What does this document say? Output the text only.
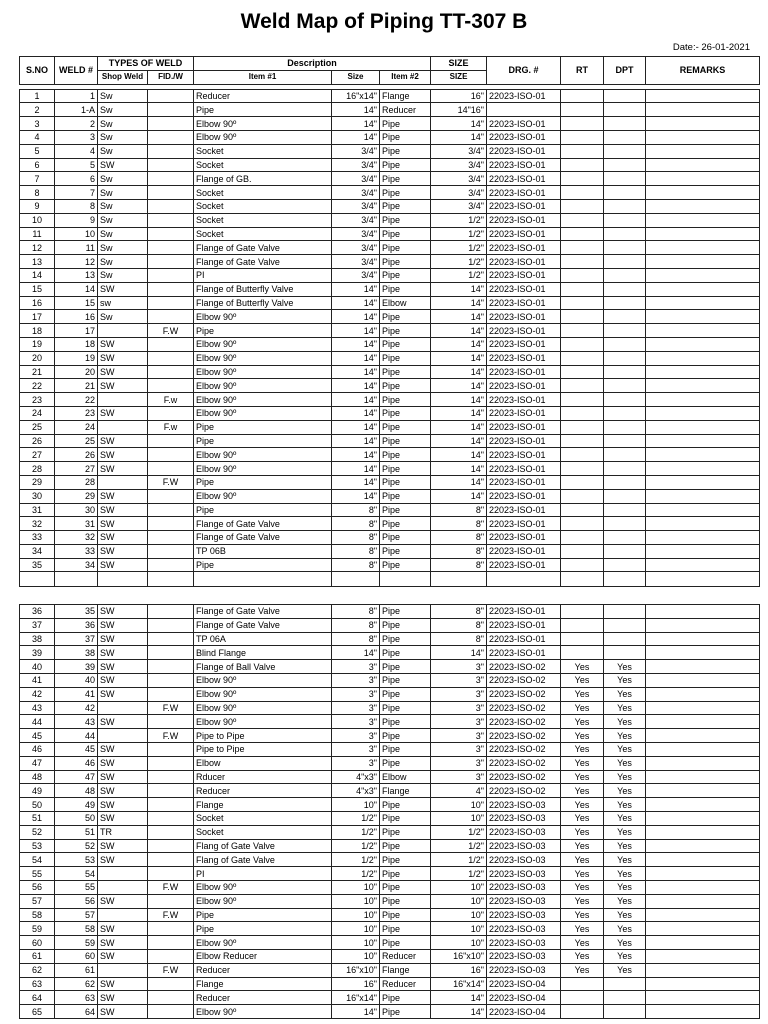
Weld Map of Piping TT-307 B
Date:- 26-01-2021
S.NO	WELD #	TYPES OF WELD		Description			SIZE	DRG. #	RT	DPT	REMARKS
		Shop Weld	FID./W	Item #1	Size	Item #2	SIZE				

1	1	Sw		Reducer	16"x14"	Flange	16"	22023-ISO-01			
2	1-A	Sw		Pipe	14"	Reducer	14"16"				
3	2	Sw		Elbow 90º	14"	Pipe	14"	22023-ISO-01			
4	3	Sw		Elbow 90º	14"	Pipe	14"	22023-ISO-01			
5	4	Sw		Socket	3/4"	Pipe	3/4"	22023-ISO-01			
6	5	SW		Socket	3/4"	Pipe	3/4"	22023-ISO-01			
7	6	Sw		Flange of GB.	3/4"	Pipe	3/4"	22023-ISO-01			
8	7	Sw		Socket	3/4"	Pipe	3/4"	22023-ISO-01			
9	8	Sw		Socket	3/4"	Pipe	3/4"	22023-ISO-01			
10	9	Sw		Socket	3/4"	Pipe	1/2"	22023-ISO-01			
11	10	Sw		Socket	3/4"	Pipe	1/2"	22023-ISO-01			
12	11	Sw		Flange of Gate Valve	3/4"	Pipe	1/2"	22023-ISO-01			
13	12	Sw		Flange of Gate Valve	3/4"	Pipe	1/2"	22023-ISO-01			
14	13	Sw		PI	3/4"	Pipe	1/2"	22023-ISO-01			
15	14	SW		Flange of Butterfly Valve	14"	Pipe	14"	22023-ISO-01			
16	15	sw		Flange of Butterfly Valve	14"	Elbow	14"	22023-ISO-01			
17	16	Sw		Elbow 90º	14"	Pipe	14"	22023-ISO-01			
18	17		F.W	Pipe	14"	Pipe	14"	22023-ISO-01			
19	18	SW		Elbow 90º	14"	Pipe	14"	22023-ISO-01			
20	19	SW		Elbow 90º	14"	Pipe	14"	22023-ISO-01			
21	20	SW		Elbow 90º	14"	Pipe	14"	22023-ISO-01			
22	21	SW		Elbow 90º	14"	Pipe	14"	22023-ISO-01			
23	22		F.w	Elbow 90º	14"	Pipe	14"	22023-ISO-01			
24	23	SW		Elbow 90º	14"	Pipe	14"	22023-ISO-01			
25	24		F.w	Pipe	14"	Pipe	14"	22023-ISO-01			
26	25	SW		Pipe	14"	Pipe	14"	22023-ISO-01			
27	26	SW		Elbow 90º	14"	Pipe	14"	22023-ISO-01			
28	27	SW		Elbow 90º	14"	Pipe	14"	22023-ISO-01			
29	28		F.W	Pipe	14"	Pipe	14"	22023-ISO-01			
30	29	SW		Elbow 90º	14"	Pipe	14"	22023-ISO-01			
31	30	SW		Pipe	8"	Pipe	8"	22023-ISO-01			
32	31	SW		Flange of Gate Valve	8"	Pipe	8"	22023-ISO-01			
33	32	SW		Flange of Gate Valve	8"	Pipe	8"	22023-ISO-01			
34	33	SW		TP 06B	8"	Pipe	8"	22023-ISO-01			
35	34	SW		Pipe	8"	Pipe	8"	22023-ISO-01			

36	35	SW		Flange of Gate Valve	8"	Pipe	8"	22023-ISO-01			
37	36	SW		Flange of Gate Valve	8"	Pipe	8"	22023-ISO-01			
38	37	SW		TP 06A	8"	Pipe	8"	22023-ISO-01			
39	38	SW		Blind Flange	14"	Pipe	14"	22023-ISO-01			
40	39	SW		Flange of Ball Valve	3"	Pipe	3"	22023-ISO-02	Yes	Yes	
41	40	SW		Elbow 90º	3"	Pipe	3"	22023-ISO-02	Yes	Yes	
42	41	SW		Elbow 90º	3"	Pipe	3"	22023-ISO-02	Yes	Yes	
43	42		F.W	Elbow 90º	3"	Pipe	3"	22023-ISO-02	Yes	Yes	
44	43	SW		Elbow 90º	3"	Pipe	3"	22023-ISO-02	Yes	Yes	
45	44		F.W	Pipe to Pipe	3"	Pipe	3"	22023-ISO-02	Yes	Yes	
46	45	SW		Pipe to Pipe	3"	Pipe	3"	22023-ISO-02	Yes	Yes	
47	46	SW		Elbow	3"	Pipe	3"	22023-ISO-02	Yes	Yes	
48	47	SW		Rducer	4"x3"	Elbow	3"	22023-ISO-02	Yes	Yes	
49	48	SW		Reducer	4"x3"	Flange	4"	22023-ISO-02	Yes	Yes	
50	49	SW		Flange	10"	Pipe	10"	22023-ISO-03	Yes	Yes	
51	50	SW		Socket	1/2"	Pipe	10"	22023-ISO-03	Yes	Yes	
52	51	TR		Socket	1/2"	Pipe	1/2"	22023-ISO-03	Yes	Yes	
53	52	SW		Flang of Gate Valve	1/2"	Pipe	1/2"	22023-ISO-03	Yes	Yes	
54	53	SW		Flang of Gate Valve	1/2"	Pipe	1/2"	22023-ISO-03	Yes	Yes	
55	54			PI	1/2"	Pipe	1/2"	22023-ISO-03	Yes	Yes	
56	55		F.W	Elbow 90º	10"	Pipe	10"	22023-ISO-03	Yes	Yes	
57	56	SW		Elbow 90º	10"	Pipe	10"	22023-ISO-03	Yes	Yes	
58	57		F.W	Pipe	10"	Pipe	10"	22023-ISO-03	Yes	Yes	
59	58	SW		Pipe	10"	Pipe	10"	22023-ISO-03	Yes	Yes	
60	59	SW		Elbow 90º	10"	Pipe	10"	22023-ISO-03	Yes	Yes	
61	60	SW		Elbow Reducer	10"	Reducer	16"x10"	22023-ISO-03	Yes	Yes	
62	61		F.W	Reducer	16"x10"	Flange	16"	22023-ISO-03	Yes	Yes	
63	62	SW		Flange	16"	Reducer	16"x14"	22023-ISO-04			
64	63	SW		Reducer	16"x14"	Pipe	14"	22023-ISO-04			
65	64	SW		Elbow 90º	14"	Pipe	14"	22023-ISO-04			
